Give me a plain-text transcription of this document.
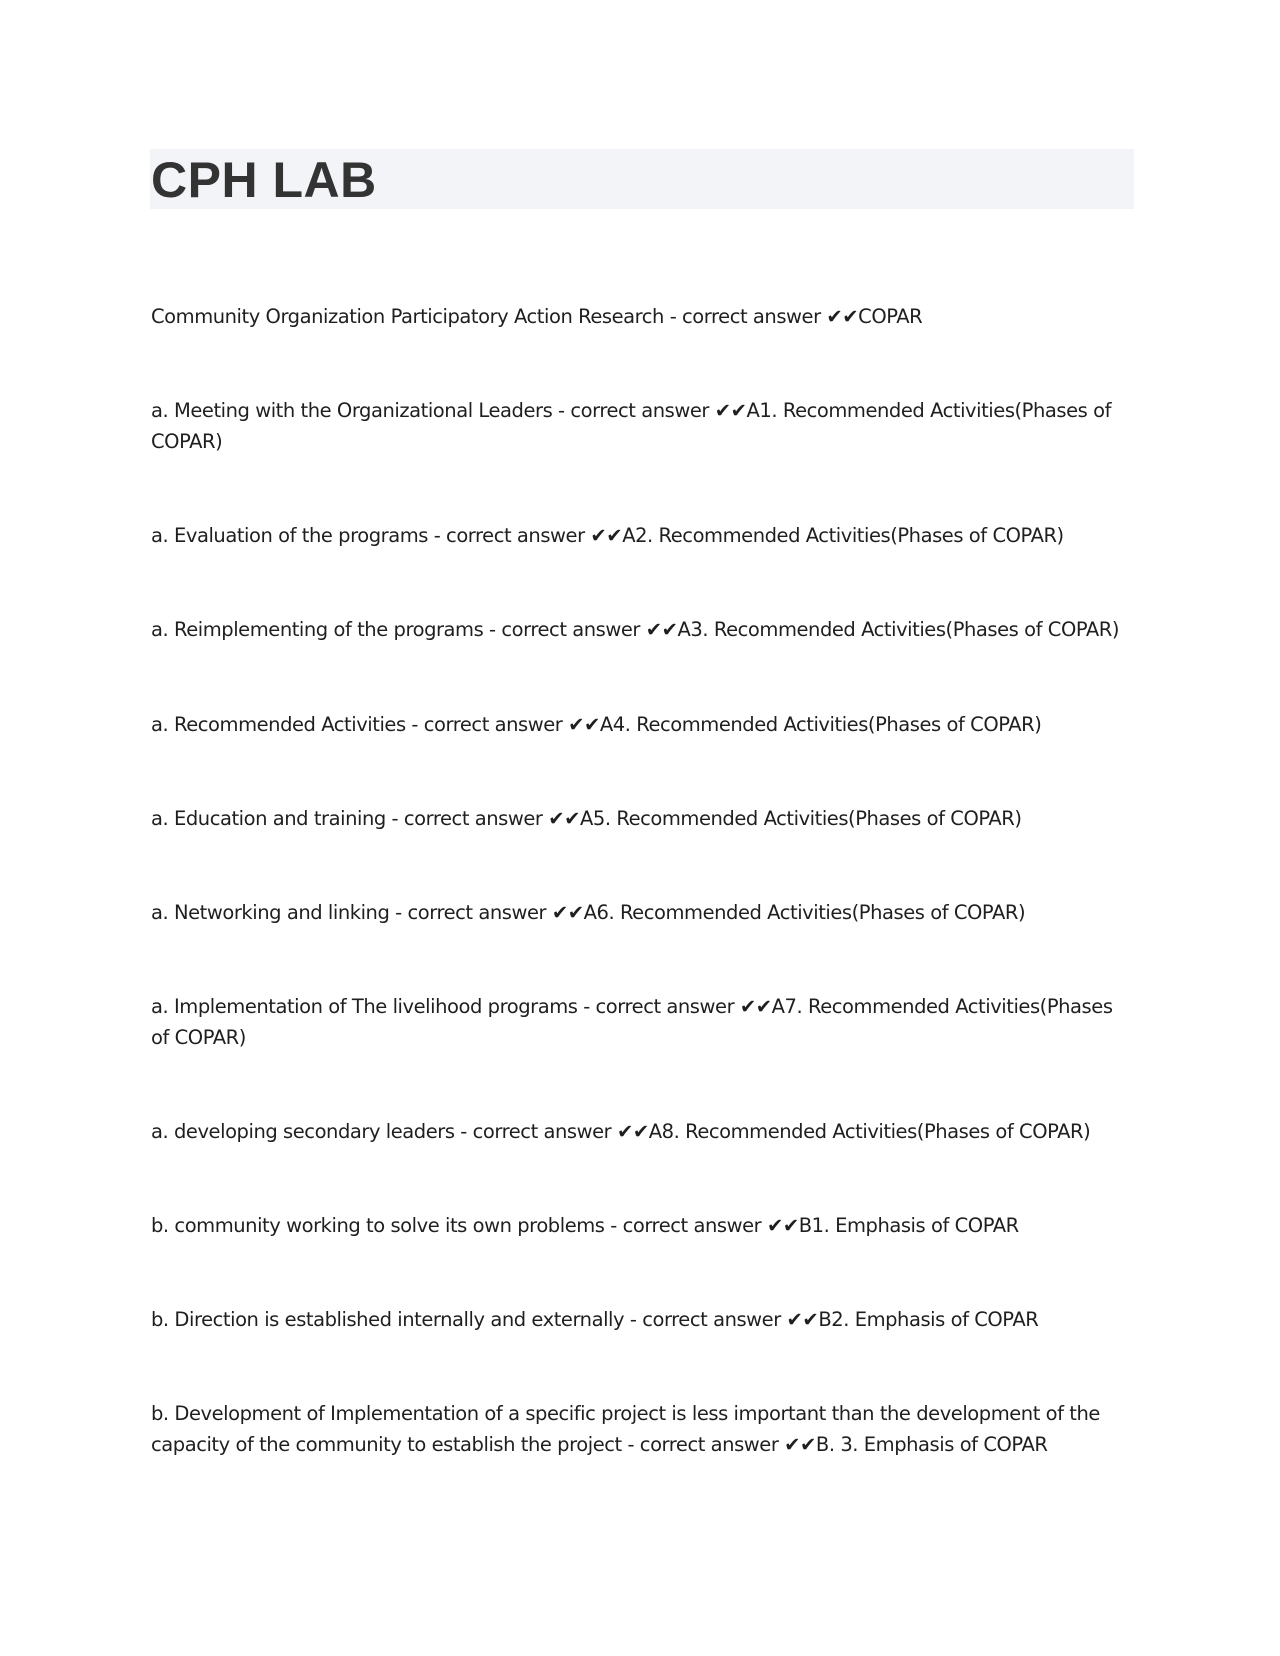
CPH LAB

Community Organization Participatory Action Research - correct answer ✔✔COPAR

a. Meeting with the Organizational Leaders - correct answer ✔✔A1. Recommended Activities(Phases of COPAR)

a. Evaluation of the programs - correct answer ✔✔A2. Recommended Activities(Phases of COPAR)

a. Reimplementing of the programs - correct answer ✔✔A3. Recommended Activities(Phases of COPAR)

a. Recommended Activities - correct answer ✔✔A4. Recommended Activities(Phases of COPAR)

a. Education and training - correct answer ✔✔A5. Recommended Activities(Phases of COPAR)

a. Networking and linking - correct answer ✔✔A6. Recommended Activities(Phases of COPAR)

a. Implementation of The livelihood programs - correct answer ✔✔A7. Recommended Activities(Phases of COPAR)

a. developing secondary leaders - correct answer ✔✔A8. Recommended Activities(Phases of COPAR)

b. community working to solve its own problems - correct answer ✔✔B1. Emphasis of COPAR

b. Direction is established internally and externally - correct answer ✔✔B2. Emphasis of COPAR

b. Development of Implementation of a specific project is less important than the development of the capacity of the community to establish the project - correct answer ✔✔B. 3. Emphasis of COPAR
